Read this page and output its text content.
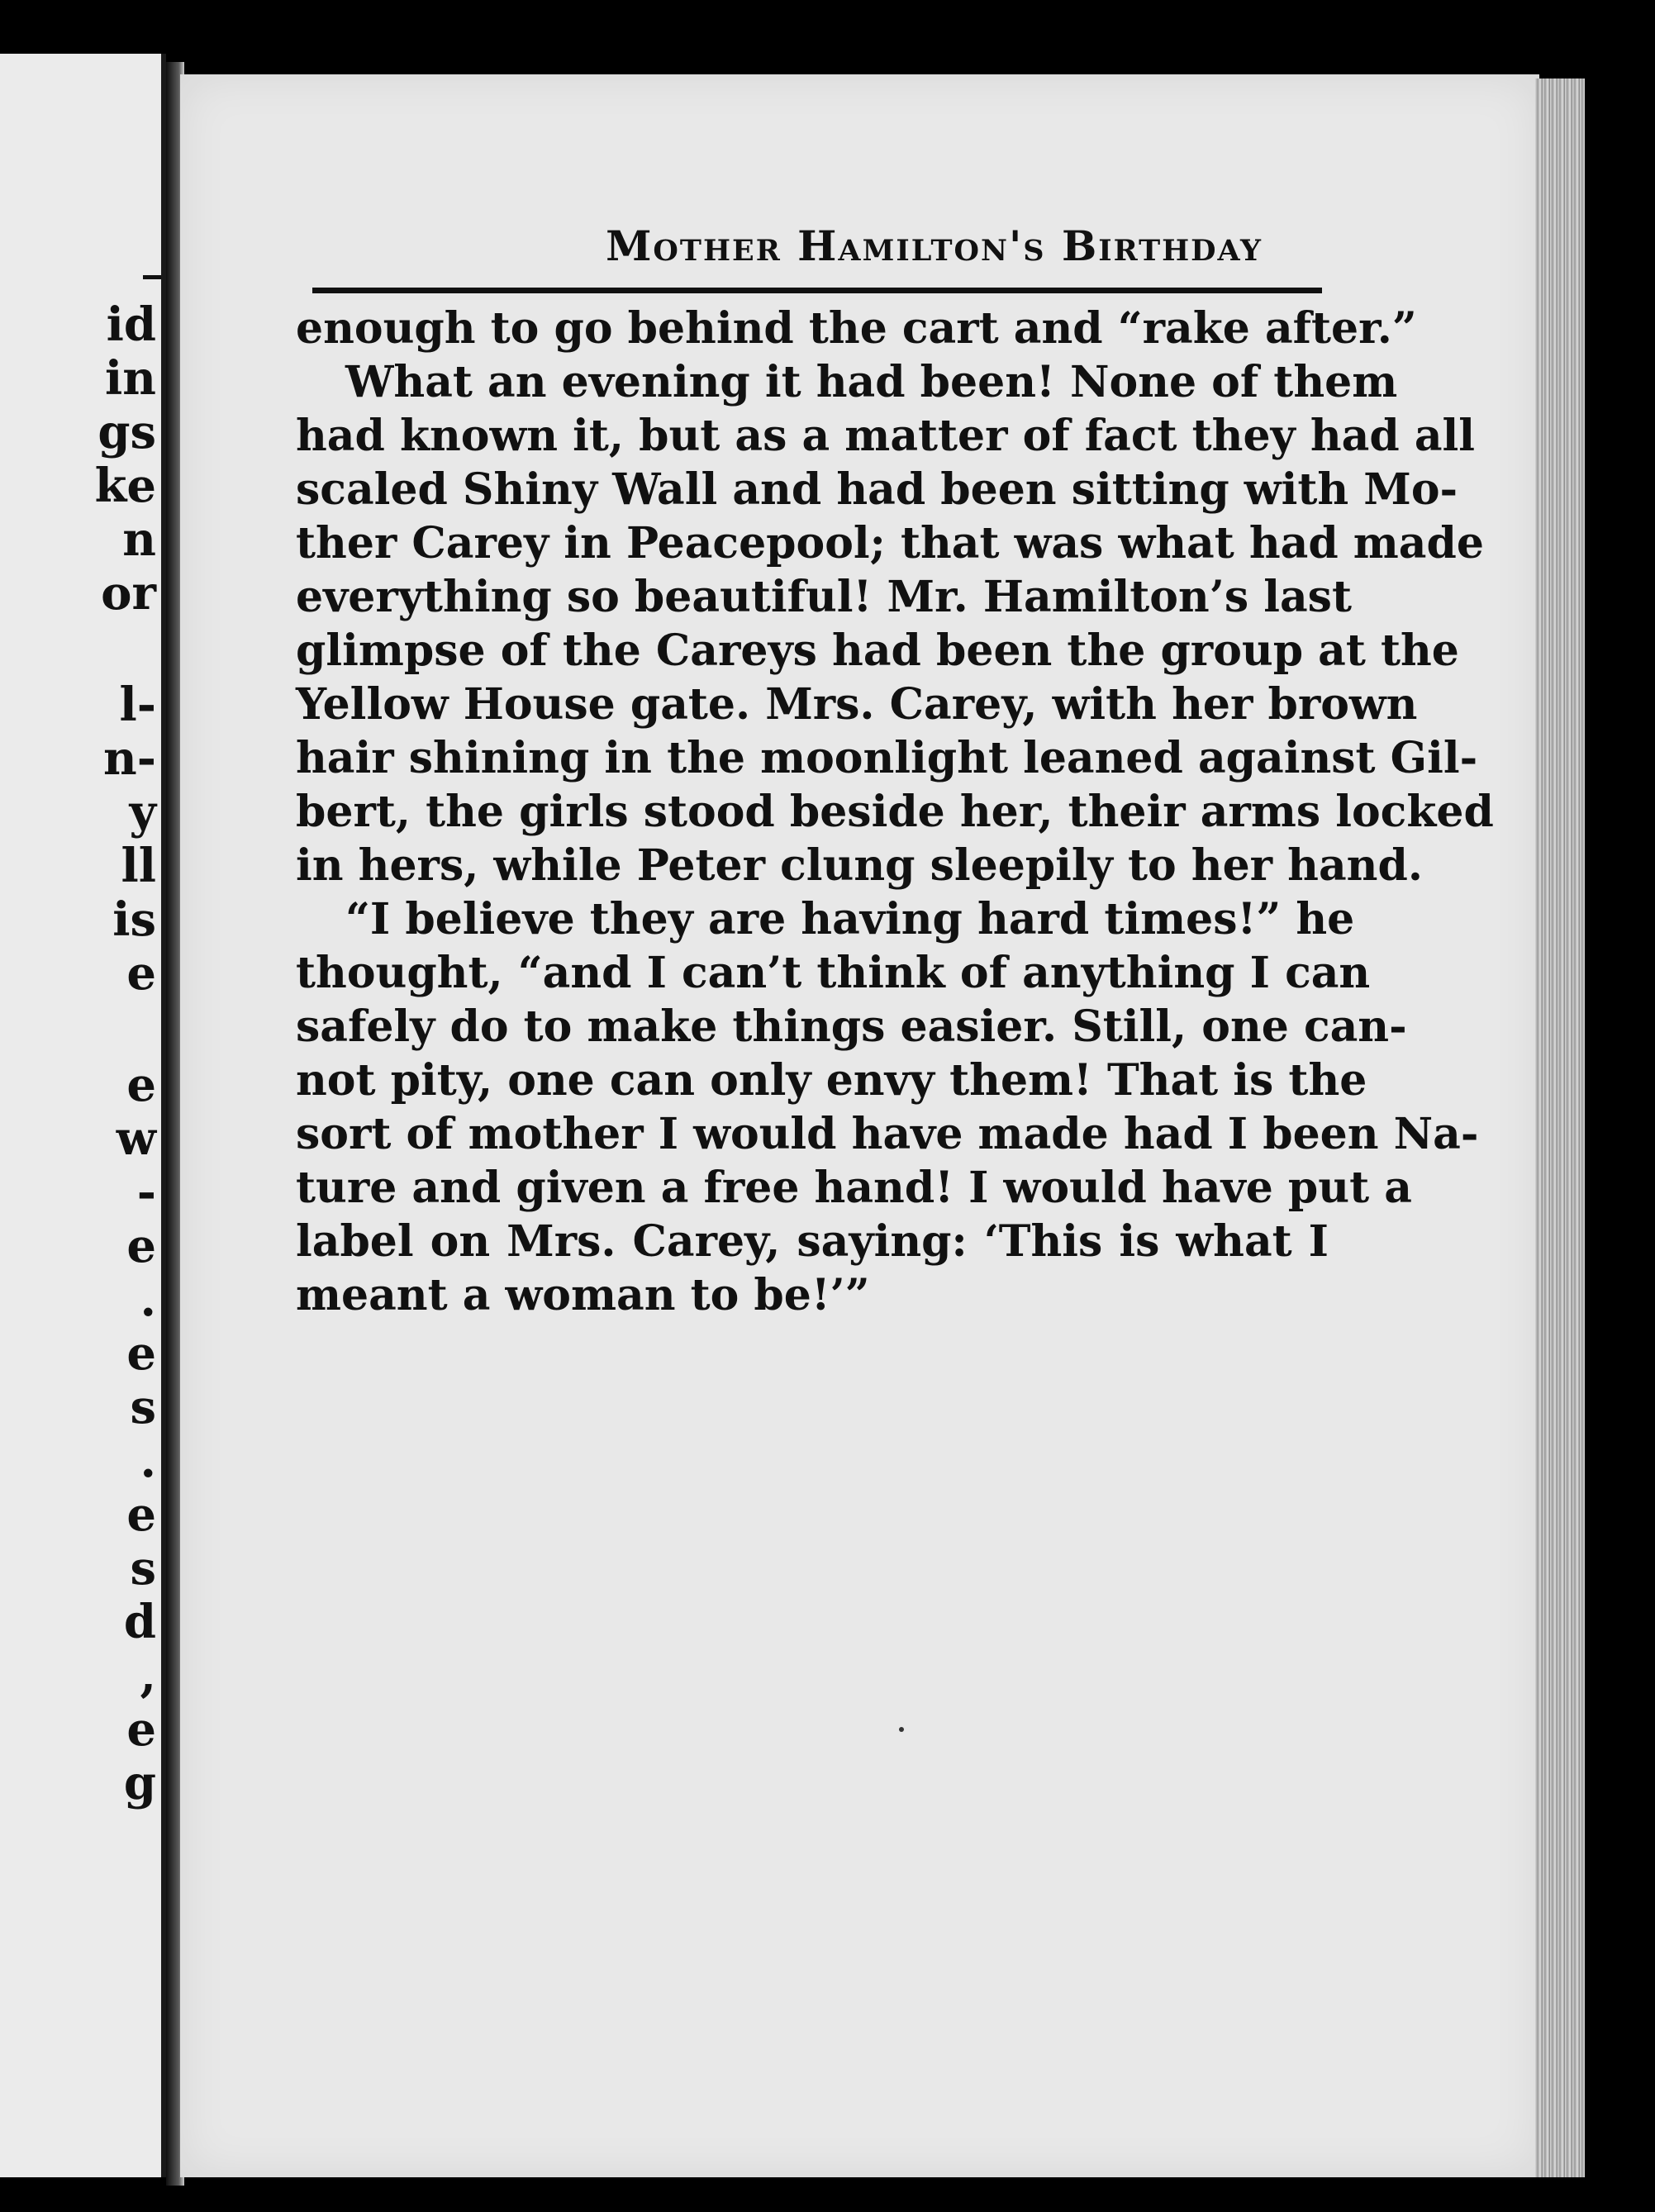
id
in
gs
ke
n
or
l-
n-
y
ll
is
e
e
w
-
e
.
e
s
.
e
s
d
,
e
g
Mother Hamilton's Birthday
enough to go behind the cart and “rake after.”
What an evening it had been! None of them
had known it, but as a matter of fact they had all
scaled Shiny Wall and had been sitting with Mo-
ther Carey in Peacepool; that was what had made
everything so beautiful! Mr. Hamilton’s last
glimpse of the Careys had been the group at the
Yellow House gate. Mrs. Carey, with her brown
hair shining in the moonlight leaned against Gil-
bert, the girls stood beside her, their arms locked
in hers, while Peter clung sleepily to her hand.
“I believe they are having hard times!” he
thought, “and I can’t think of anything I can
safely do to make things easier. Still, one can-
not pity, one can only envy them! That is the
sort of mother I would have made had I been Na-
ture and given a free hand! I would have put a
label on Mrs. Carey, saying: ‘This is what I
meant a woman to be!’”
